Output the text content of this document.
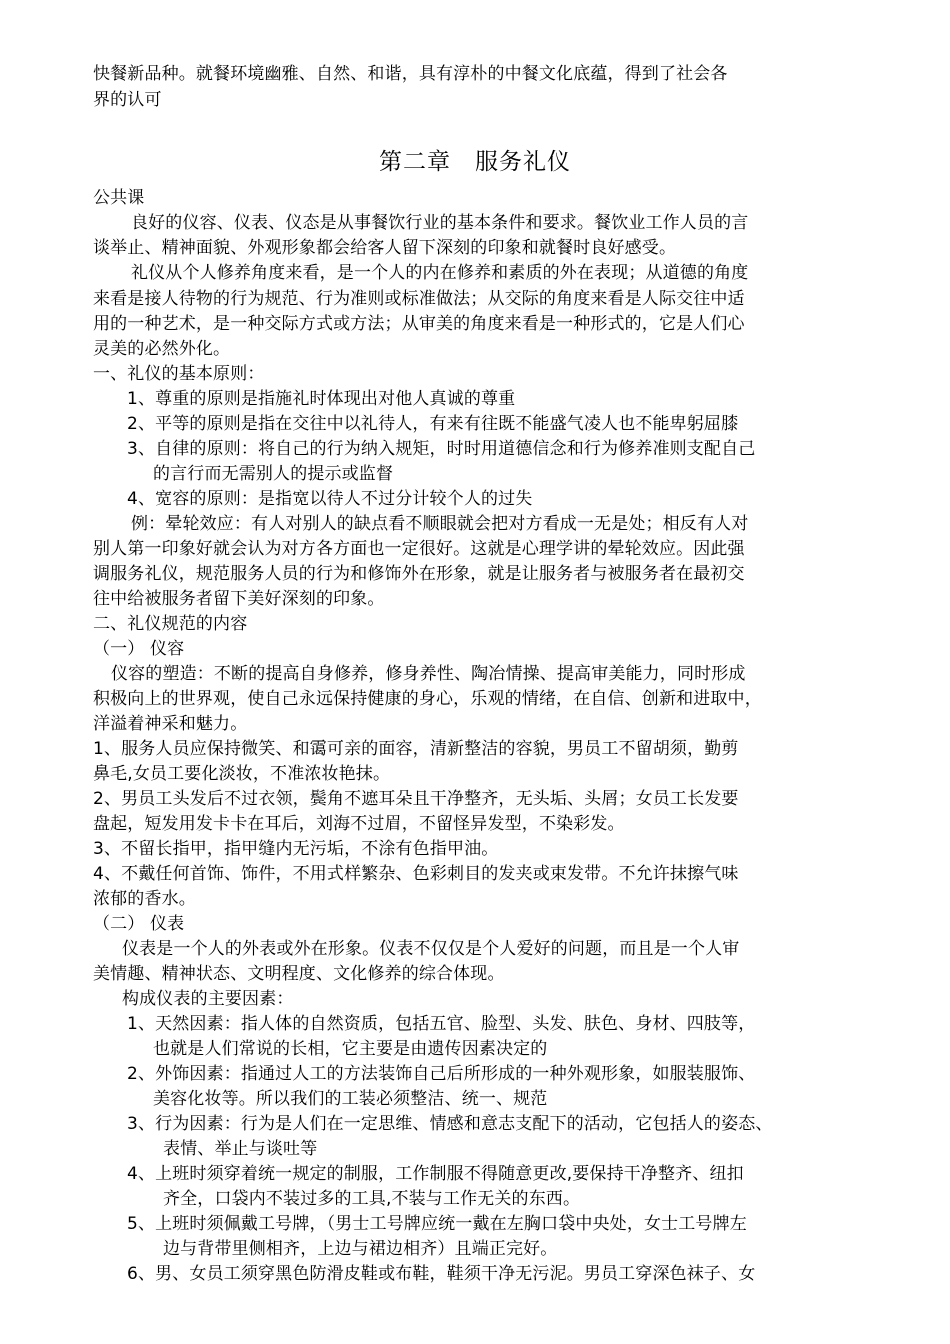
快餐新品种。就餐环境幽雅、自然、和谐，具有淳朴的中餐文化底蕴，得到了社会各

界的认可

第二章　服务礼仪

公共课

良好的仪容、仪表、仪态是从事餐饮行业的基本条件和要求。餐饮业工作人员的言

谈举止、精神面貌、外观形象都会给客人留下深刻的印象和就餐时良好感受。

礼仪从个人修养角度来看，是一个人的内在修养和素质的外在表现；从道德的角度

来看是接人待物的行为规范、行为准则或标准做法；从交际的角度来看是人际交往中适

用的一种艺术，是一种交际方式或方法；从审美的角度来看是一种形式的，它是人们心

灵美的必然外化。

一、礼仪的基本原则：

1、尊重的原则是指施礼时体现出对他人真诚的尊重

2、平等的原则是指在交往中以礼待人，有来有往既不能盛气凌人也不能卑躬屈膝

3、自律的原则：将自己的行为纳入规矩，时时用道德信念和行为修养准则支配自己

的言行而无需别人的提示或监督

4、宽容的原则：是指宽以待人不过分计较个人的过失

例：晕轮效应：有人对别人的缺点看不顺眼就会把对方看成一无是处；相反有人对

别人第一印象好就会认为对方各方面也一定很好。这就是心理学讲的晕轮效应。因此强

调服务礼仪，规范服务人员的行为和修饰外在形象，就是让服务者与被服务者在最初交

往中给被服务者留下美好深刻的印象。

二、礼仪规范的内容

（一） 仪容

仪容的塑造：不断的提高自身修养，修身养性、陶冶情操、提高审美能力，同时形成

积极向上的世界观，使自己永远保持健康的身心，乐观的情绪，在自信、创新和进取中，

洋溢着神采和魅力。

1、服务人员应保持微笑、和霭可亲的面容，清新整洁的容貌，男员工不留胡须，勤剪

鼻毛,女员工要化淡妆，不准浓妆艳抹。

2、男员工头发后不过衣领，鬓角不遮耳朵且干净整齐，无头垢、头屑；女员工长发要

盘起，短发用发卡卡在耳后，刘海不过眉，不留怪异发型，不染彩发。

3、不留长指甲，指甲缝内无污垢，不涂有色指甲油。

4、不戴任何首饰、饰件，不用式样繁杂、色彩刺目的发夹或束发带。不允许抹擦气味

浓郁的香水。

（二） 仪表

仪表是一个人的外表或外在形象。仪表不仅仅是个人爱好的问题，而且是一个人审

美情趣、精神状态、文明程度、文化修养的综合体现。

构成仪表的主要因素：

1、天然因素：指人体的自然资质，包括五官、脸型、头发、肤色、身材、四肢等，

也就是人们常说的长相，它主要是由遗传因素决定的

2、外饰因素：指通过人工的方法装饰自己后所形成的一种外观形象，如服装服饰、

美容化妆等。所以我们的工装必须整洁、统一、规范

3、行为因素：行为是人们在一定思维、情感和意志支配下的活动，它包括人的姿态、

表情、举止与谈吐等

4、上班时须穿着统一规定的制服，工作制服不得随意更改,要保持干净整齐、纽扣

齐全，口袋内不装过多的工具,不装与工作无关的东西。

5、上班时须佩戴工号牌，（男士工号牌应统一戴在左胸口袋中央处，女士工号牌左

边与背带里侧相齐，上边与裙边相齐）且端正完好。

6、男、女员工须穿黑色防滑皮鞋或布鞋，鞋须干净无污泥。男员工穿深色袜子、女
